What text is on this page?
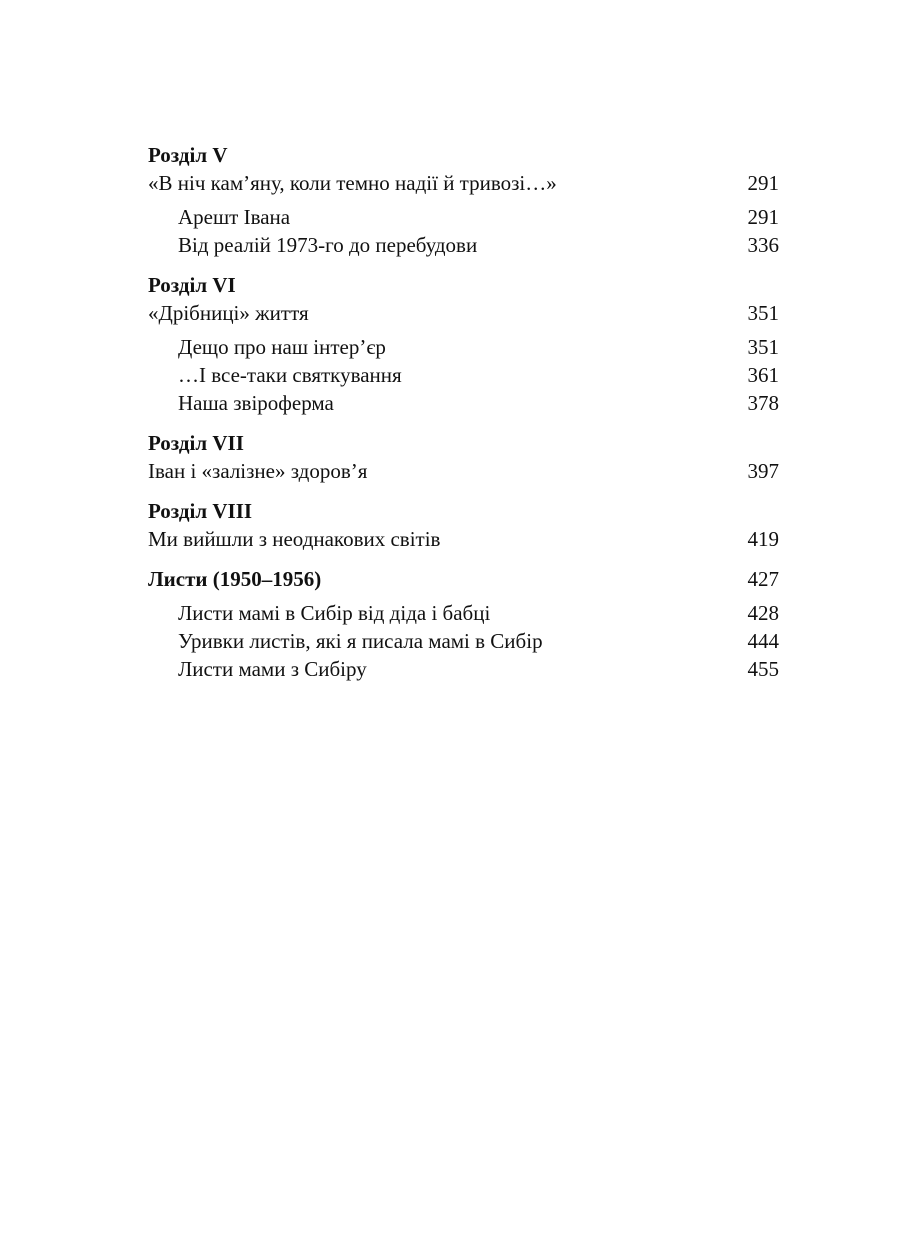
Розділ V
«В ніч кам’яну, коли темно надії й тривозі…»	291
Арешт Івана	291
Від реалій 1973-го до перебудови	336
Розділ VI
«Дрібниці» життя	351
Дещо про наш інтер’єр	351
…І все-таки святкування	361
Наша звіроферма	378
Розділ VII
Іван і «залізне» здоров’я	397
Розділ VIII
Ми вийшли з неоднакових світів	419
Листи (1950–1956)	427
Листи мамі в Сибір від діда і бабці	428
Уривки листів, які я писала мамі в Сибір	444
Листи мами з Сибіру	455
